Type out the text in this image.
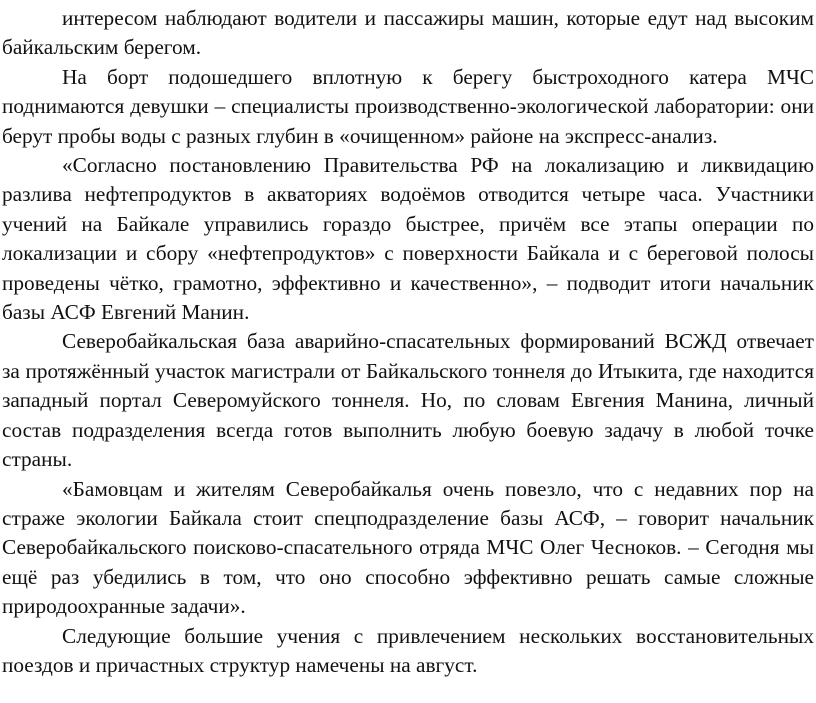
интересом наблюдают водители и пассажиры машин, которые едут над высоким байкальским берегом.

На борт подошедшего вплотную к берегу быстроходного катера МЧС поднимаются девушки – специалисты производственно-экологической лаборатории: они берут пробы воды с разных глубин в «очищенном» районе на экспресс-анализ.

«Согласно постановлению Правительства РФ на локализацию и ликвидацию разлива нефтепродуктов в акваториях водоёмов отводится четыре часа. Участники учений на Байкале управились гораздо быстрее, причём все этапы операции по локализации и сбору «нефтепродуктов» с поверхности Байкала и с береговой полосы проведены чётко, грамотно, эффективно и качественно», – подводит итоги начальник базы АСФ Евгений Манин.

Северобайкальская база аварийно-спасательных формирований ВСЖД отвечает за протяжённый участок магистрали от Байкальского тоннеля до Итыкита, где находится западный портал Северомуйского тоннеля. Но, по словам Евгения Манина, личный состав подразделения всегда готов выполнить любую боевую задачу в любой точке страны.

«Бамовцам и жителям Северобайкалья очень повезло, что с недавних пор на страже экологии Байкала стоит спецподразделение базы АСФ, – говорит начальник Северобайкальского поисково-спасательного отряда МЧС Олег Чесноков. – Сегодня мы ещё раз убедились в том, что оно способно эффективно решать самые сложные природоохранные задачи».

Следующие большие учения с привлечением нескольких восстановительных поездов и причастных структур намечены на август.
